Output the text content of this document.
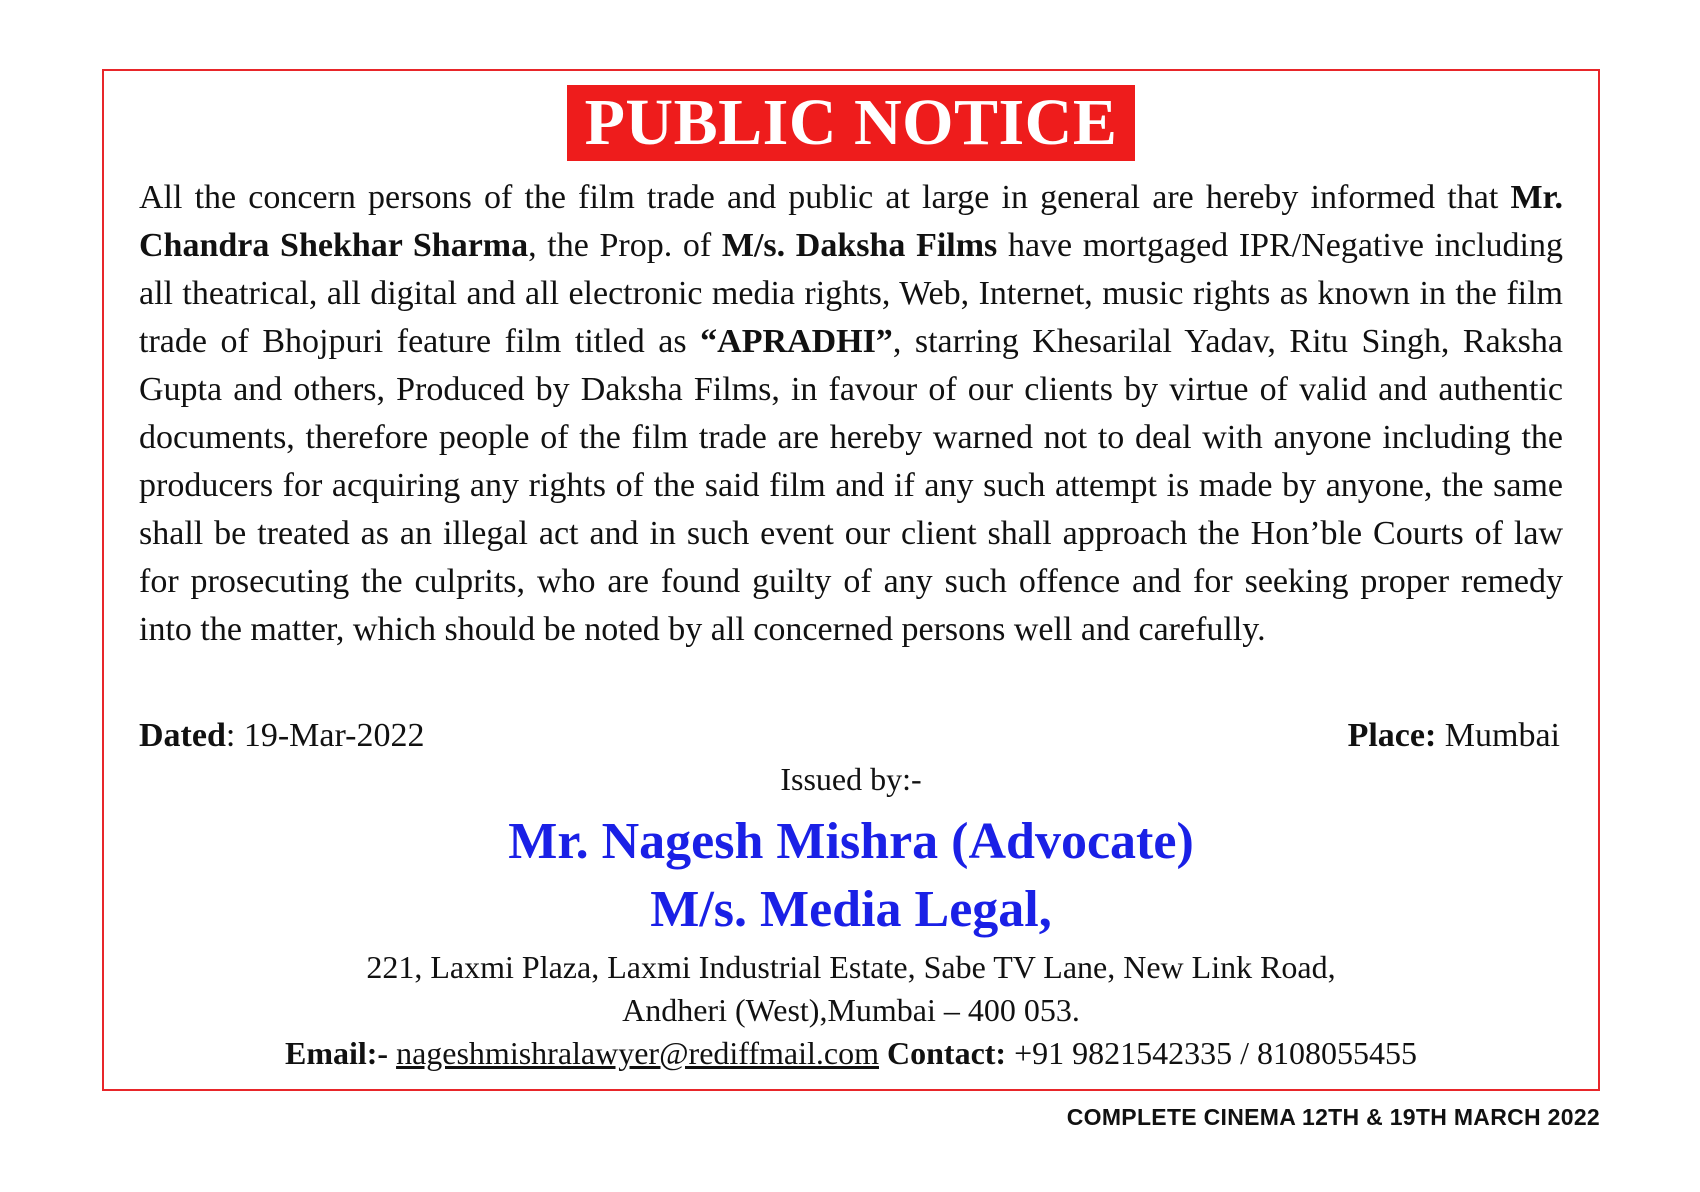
PUBLIC NOTICE
All the concern persons of the film trade and public at large in general are hereby informed that Mr. Chandra Shekhar Sharma, the Prop. of M/s. Daksha Films have mortgaged IPR/Negative including all theatrical, all digital and all electronic media rights, Web, Internet, music rights as known in the film trade of Bhojpuri feature film titled as “APRADHI”, starring Khesarilal Yadav, Ritu Singh, Raksha Gupta and others, Produced by Daksha Films, in favour of our clients by virtue of valid and authentic documents, therefore people of the film trade are hereby warned not to deal with anyone including the producers for acquiring any rights of the said film and if any such attempt is made by anyone, the same shall be treated as an illegal act and in such event our client shall approach the Hon’ble Courts of law for prosecuting the culprits, who are found guilty of any such offence and for seeking proper remedy into the matter, which should be noted by all concerned persons well and carefully.
Dated: 19-Mar-2022	Place: Mumbai
Issued by:-
Mr. Nagesh Mishra (Advocate)
M/s. Media Legal,
221, Laxmi Plaza, Laxmi Industrial Estate, Sabe TV Lane, New Link Road,
Andheri (West),Mumbai – 400 053.
Email:- nageshmishralawyer@rediffmail.com Contact: +91 9821542335 / 8108055455
COMPLETE CINEMA 12TH & 19TH MARCH 2022
